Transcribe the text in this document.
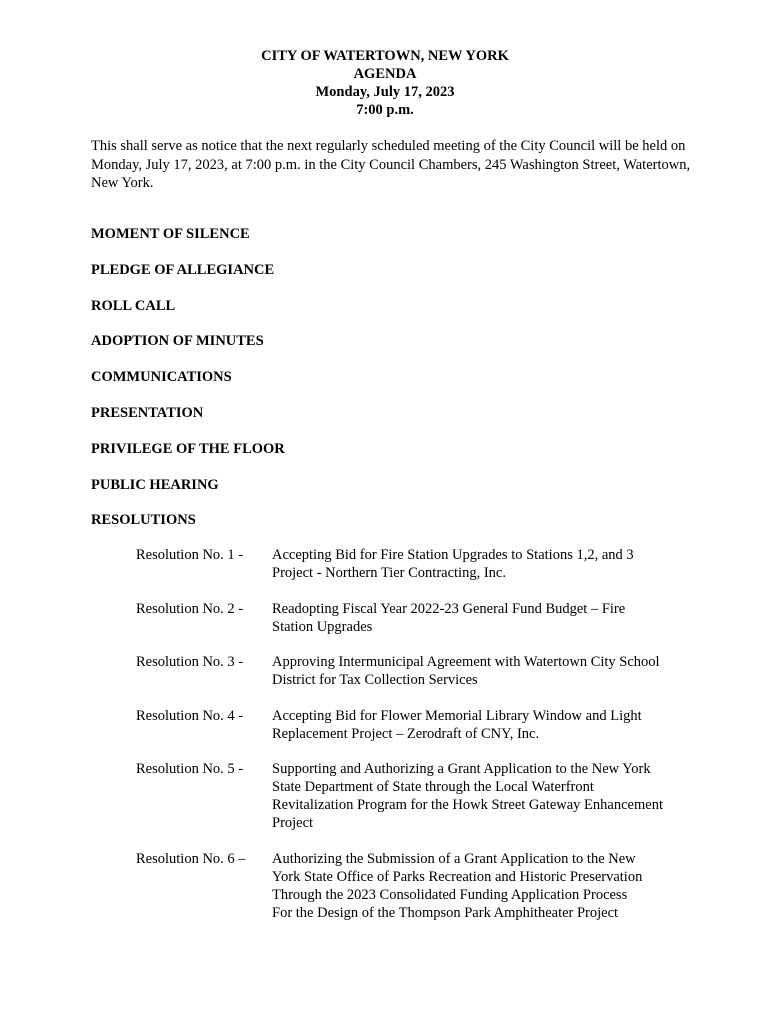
CITY OF WATERTOWN, NEW YORK
AGENDA
Monday, July 17, 2023
7:00 p.m.
This shall serve as notice that the next regularly scheduled meeting of the City Council will be held on Monday, July 17, 2023, at 7:00 p.m. in the City Council Chambers, 245 Washington Street, Watertown, New York.
MOMENT OF SILENCE
PLEDGE OF ALLEGIANCE
ROLL CALL
ADOPTION OF MINUTES
COMMUNICATIONS
PRESENTATION
PRIVILEGE OF THE FLOOR
PUBLIC HEARING
RESOLUTIONS
Resolution No. 1 -	Accepting Bid for Fire Station Upgrades to Stations 1,2, and 3
Project - Northern Tier Contracting, Inc.
Resolution No. 2 -	Readopting Fiscal Year 2022-23 General Fund Budget – Fire
Station Upgrades
Resolution No. 3 -	Approving Intermunicipal Agreement with Watertown City School
District for Tax Collection Services
Resolution No. 4 -	Accepting Bid for Flower Memorial Library Window and Light
Replacement Project – Zerodraft of CNY, Inc.
Resolution No. 5 -	Supporting and Authorizing a Grant Application to the New York
State Department of State through the Local Waterfront
Revitalization Program for the Howk Street Gateway Enhancement
Project
Resolution No. 6 –	Authorizing the Submission of a Grant Application to the New
York State Office of Parks Recreation and Historic Preservation
Through the 2023 Consolidated Funding Application Process
For the Design of the Thompson Park Amphitheater Project
